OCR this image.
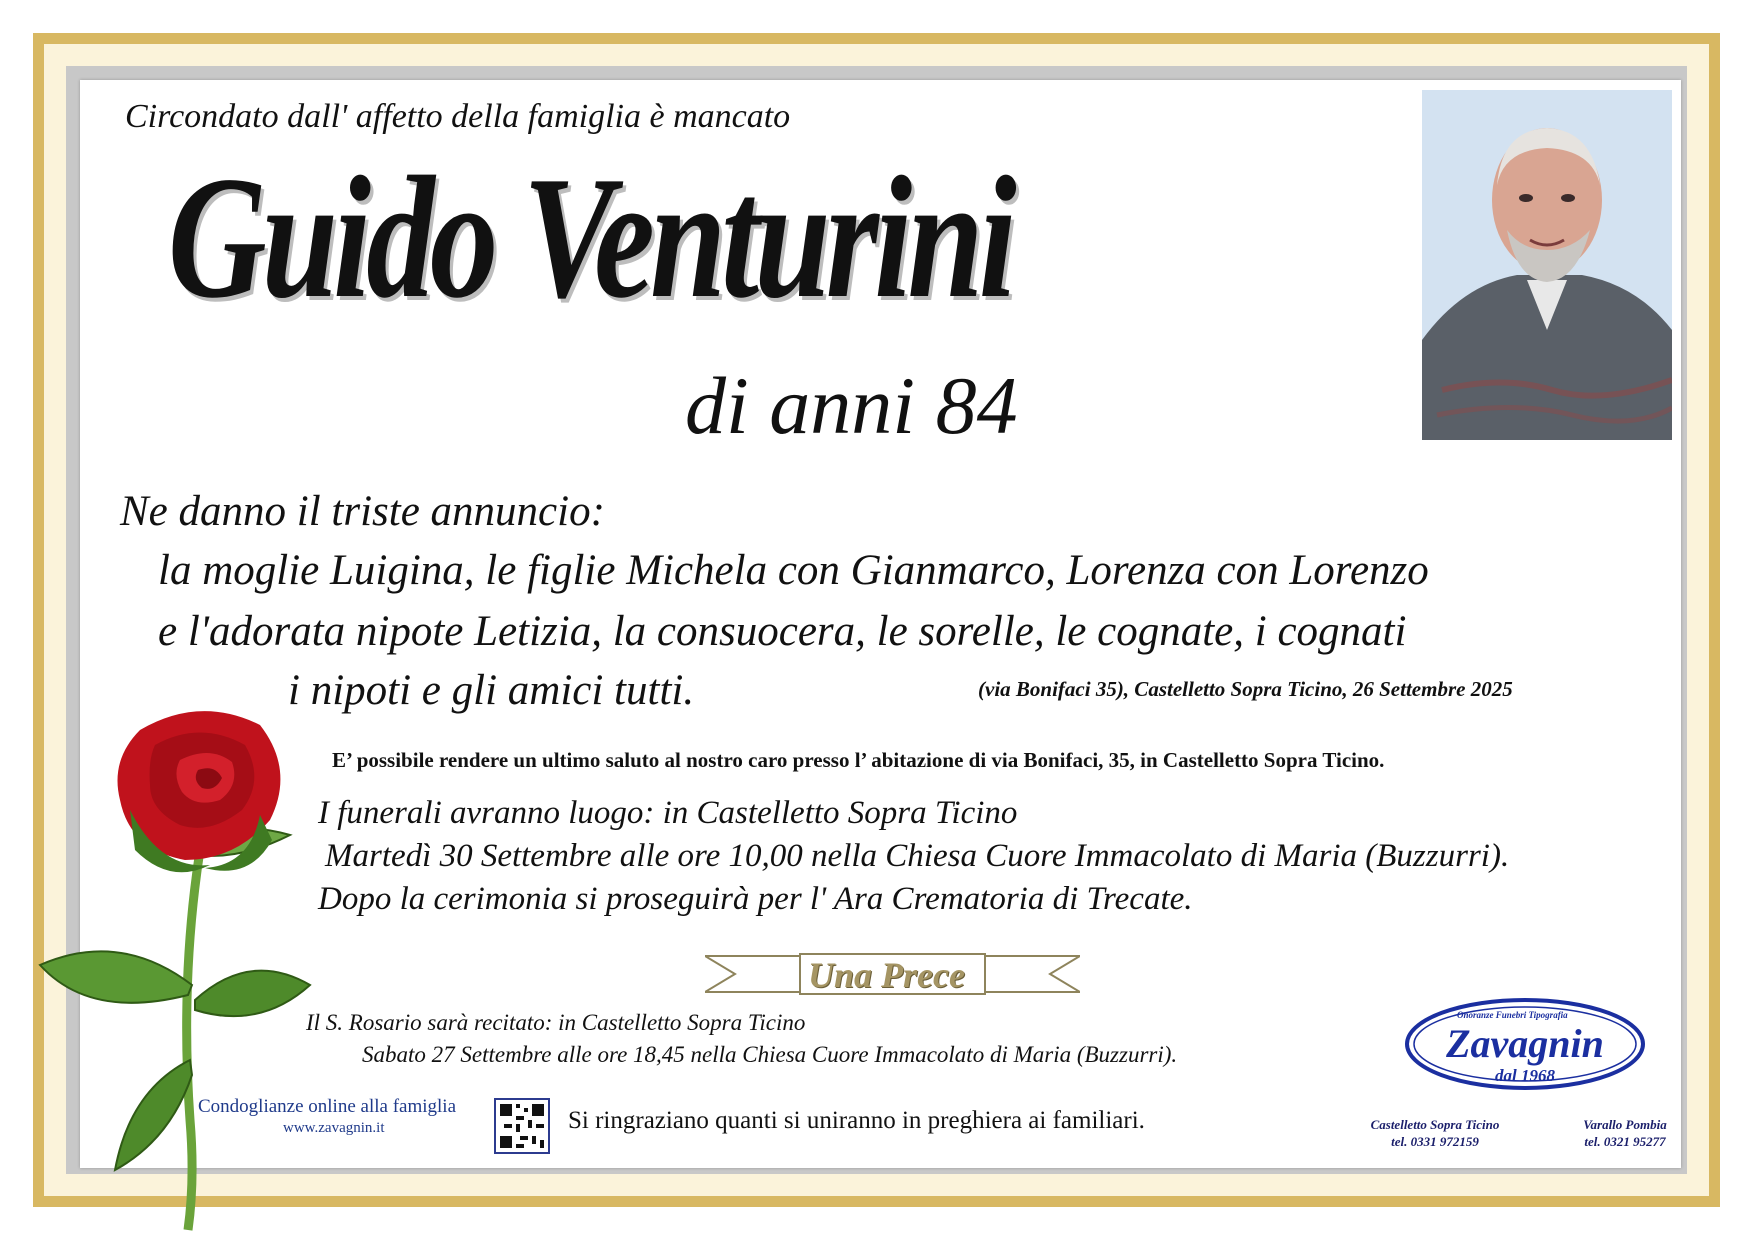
Circondato dall' affetto della famiglia è mancato
Guido Venturini
di anni 84
Ne danno il triste annuncio:
la moglie Luigina, le figlie Michela con Gianmarco, Lorenza con Lorenzo
e l'adorata nipote Letizia, la consuocera, le sorelle, le cognate, i cognati
i nipoti e gli amici tutti.	(via Bonifaci 35), Castelletto Sopra Ticino, 26 Settembre 2025
E’ possibile rendere un ultimo saluto al nostro caro presso l’ abitazione di via Bonifaci, 35, in Castelletto Sopra Ticino.
I funerali avranno luogo: in Castelletto Sopra Ticino
Martedì 30 Settembre alle ore 10,00 nella Chiesa Cuore Immacolato di Maria (Buzzurri).
Dopo la cerimonia si proseguirà per l' Ara Crematoria di Trecate.
Una Prece
Il S. Rosario sarà recitato: in Castelletto Sopra Ticino
Sabato 27 Settembre alle ore 18,45 nella Chiesa Cuore Immacolato di Maria (Buzzurri).
Condoglianze online alla famiglia
www.zavagnin.it	Si ringraziano quanti si uniranno in preghiera ai familiari.
Onoranze Funebri Tipografia
Zavagnin
dal 1968
Castelletto Sopra Ticino
tel. 0331 972159
Varallo Pombia
tel. 0321 95277
